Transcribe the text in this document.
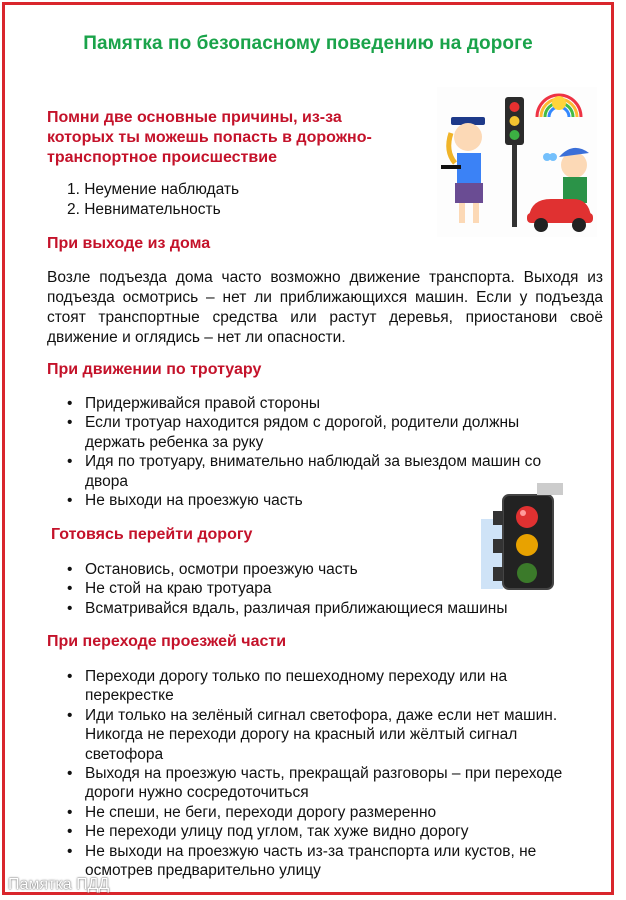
Памятка по безопасному поведению на дороге
Помни две основные причины, из-за
которых ты можешь попасть в дорожно-
транспортное происшествие
1. Неумение наблюдать
2. Невнимательность
При выходе из дома
Возле подъезда дома часто возможно движение транспорта. Выходя из подъезда осмотрись – нет ли приближающихся машин. Если у подъезда стоят транспортные средства или растут деревья, приостанови своё движение и оглядись – нет ли опасности.
При движении по тротуару
• Придерживайся правой стороны
• Если тротуар находится рядом с дорогой, родители должны держать ребенка за руку
• Идя по тротуару, внимательно наблюдай за выездом машин со двора
• Не выходи на проезжую часть
Готовясь перейти дорогу
• Остановись, осмотри проезжую часть
• Не стой на краю тротуара
• Всматривайся вдаль, различая приближающиеся машины
При переходе проезжей части
• Переходи дорогу только по пешеходному переходу или на перекрестке
• Иди только на зелёный сигнал светофора, даже если нет машин. Никогда не переходи дорогу на красный или жёлтый сигнал светофора
• Выходя на проезжую часть, прекращай разговоры – при переходе дороги нужно сосредоточиться
• Не спеши, не беги, переходи дорогу размеренно
• Не переходи улицу под углом, так хуже видно дорогу
• Не выходи на проезжую часть из-за транспорта или кустов, не осмотрев предварительно улицу
Памятка ПДД
